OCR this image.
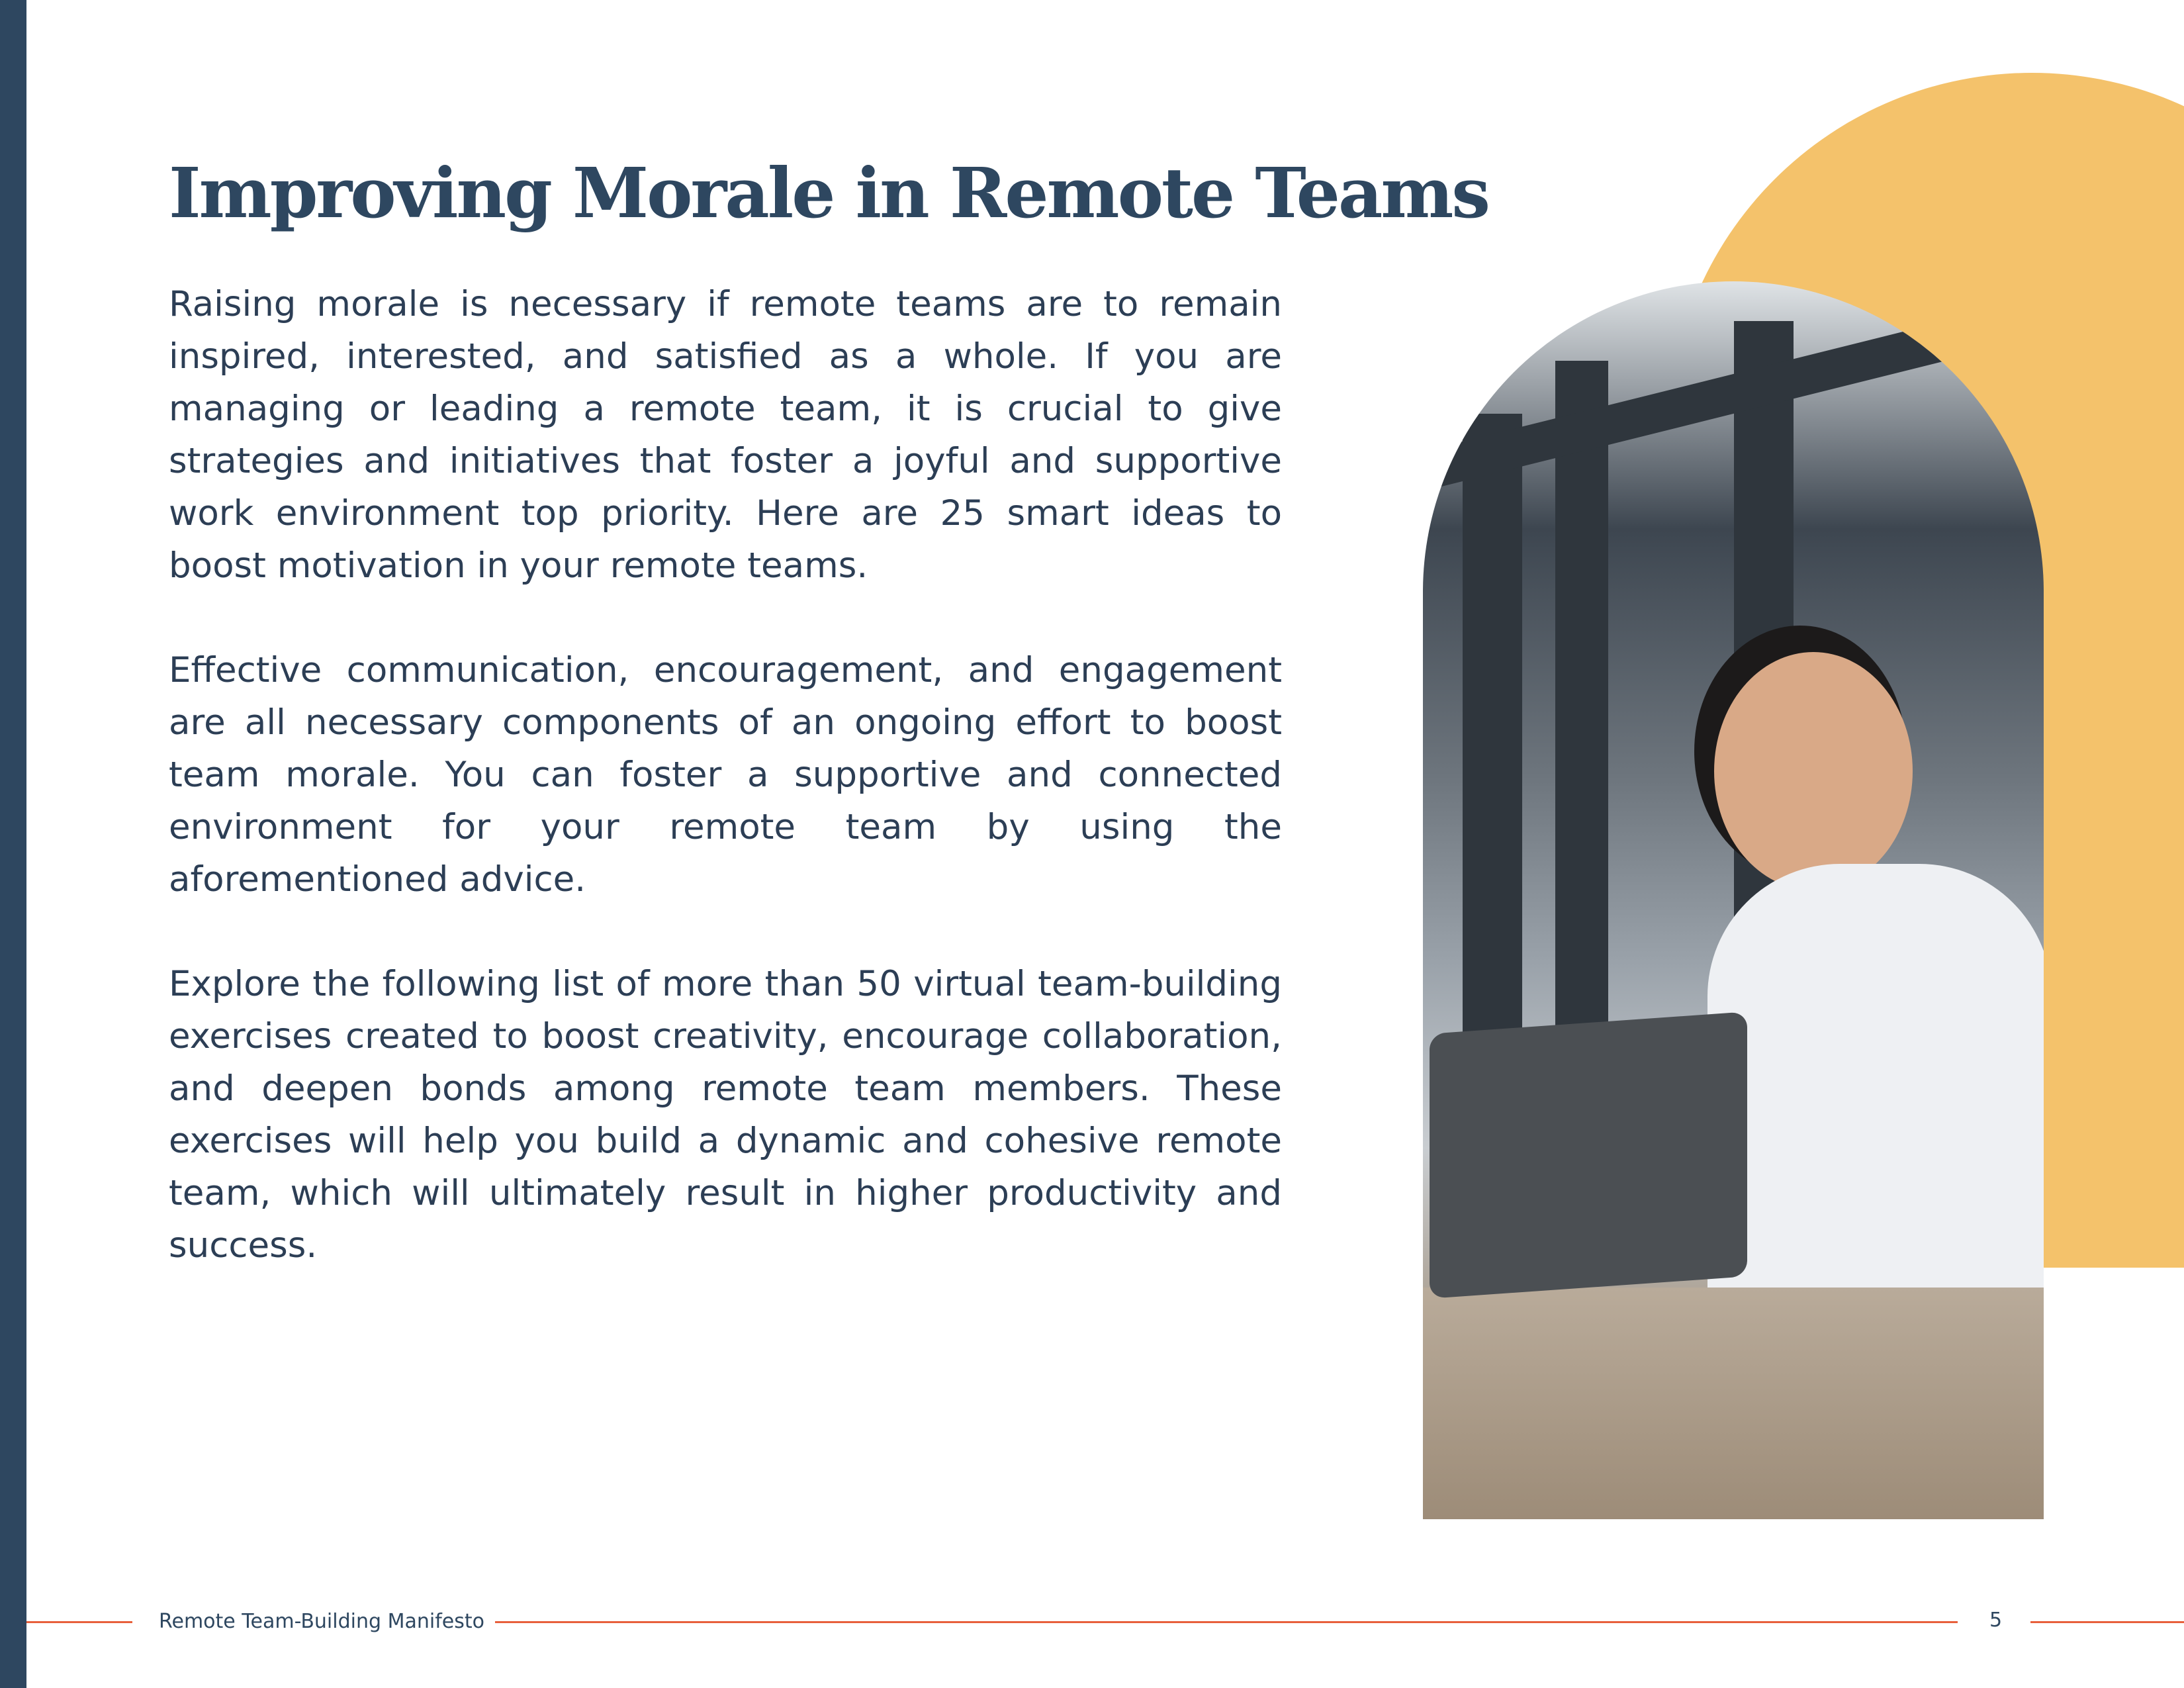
Improving Morale in Remote Teams

Raising morale is necessary if remote teams are to remain inspired, interested, and satisfied as a whole. If you are managing or leading a remote team, it is crucial to give strategies and initiatives that foster a joyful and supportive work environment top priority. Here are 25 smart ideas to boost motivation in your remote teams.

Effective communication, encouragement, and engagement are all necessary components of an ongoing effort to boost team morale. You can foster a supportive and connected environment for your remote team by using the aforementioned advice.

Explore the following list of more than 50 virtual team-building exercises created to boost creativity, encourage collaboration, and deepen bonds among remote team members. These exercises will help you build a dynamic and cohesive remote team, which will ultimately result in higher productivity and success.

Remote Team-Building Manifesto	5
